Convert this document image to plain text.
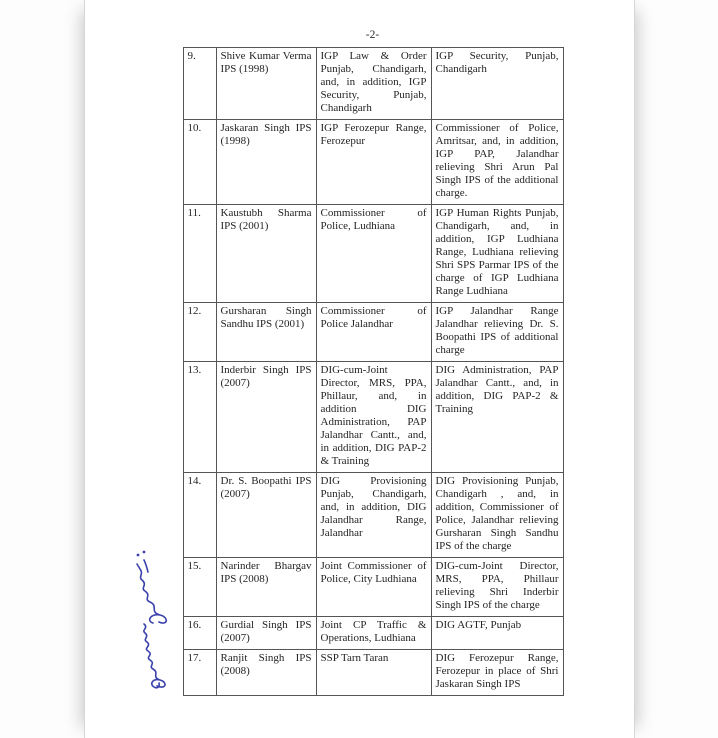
-2-
9.	Shive Kumar Verma IPS (1998)	IGP Law & Order Punjab, Chandigarh, and, in addition, IGP Security, Punjab, Chandigarh	IGP Security, Punjab, Chandigarh
10.	Jaskaran Singh IPS (1998)	IGP Ferozepur Range, Ferozepur	Commissioner of Police, Amritsar, and, in addition, IGP PAP, Jalandhar relieving Shri Arun Pal Singh IPS of the additional charge.
11.	Kaustubh Sharma IPS (2001)	Commissioner of Police, Ludhiana	IGP Human Rights Punjab, Chandigarh, and, in addition, IGP Ludhiana Range, Ludhiana relieving Shri SPS Parmar IPS of the charge of IGP Ludhiana Range Ludhiana
12.	Gursharan Singh Sandhu IPS (2001)	Commissioner of Police Jalandhar	IGP Jalandhar Range Jalandhar relieving Dr. S. Boopathi IPS of additional charge
13.	Inderbir Singh IPS (2007)	DIG-cum-Joint Director, MRS, PPA, Phillaur, and, in addition DIG Administration, PAP Jalandhar Cantt., and, in addition, DIG PAP-2 & Training	DIG Administration, PAP Jalandhar Cantt., and, in addition, DIG PAP-2 & Training
14.	Dr. S. Boopathi IPS (2007)	DIG Provisioning Punjab, Chandigarh, and, in addition, DIG Jalandhar Range, Jalandhar	DIG Provisioning Punjab, Chandigarh , and, in addition, Commissioner of Police, Jalandhar relieving Gursharan Singh Sandhu IPS of the charge
15.	Narinder Bhargav IPS (2008)	Joint Commissioner of Police, City Ludhiana	DIG-cum-Joint Director, MRS, PPA, Phillaur relieving Shri Inderbir Singh IPS of the charge
16.	Gurdial Singh IPS (2007)	Joint CP Traffic & Operations, Ludhiana	DIG AGTF, Punjab
17.	Ranjit Singh IPS (2008)	SSP Tarn Taran	DIG Ferozepur Range, Ferozepur in place of Shri Jaskaran Singh IPS
